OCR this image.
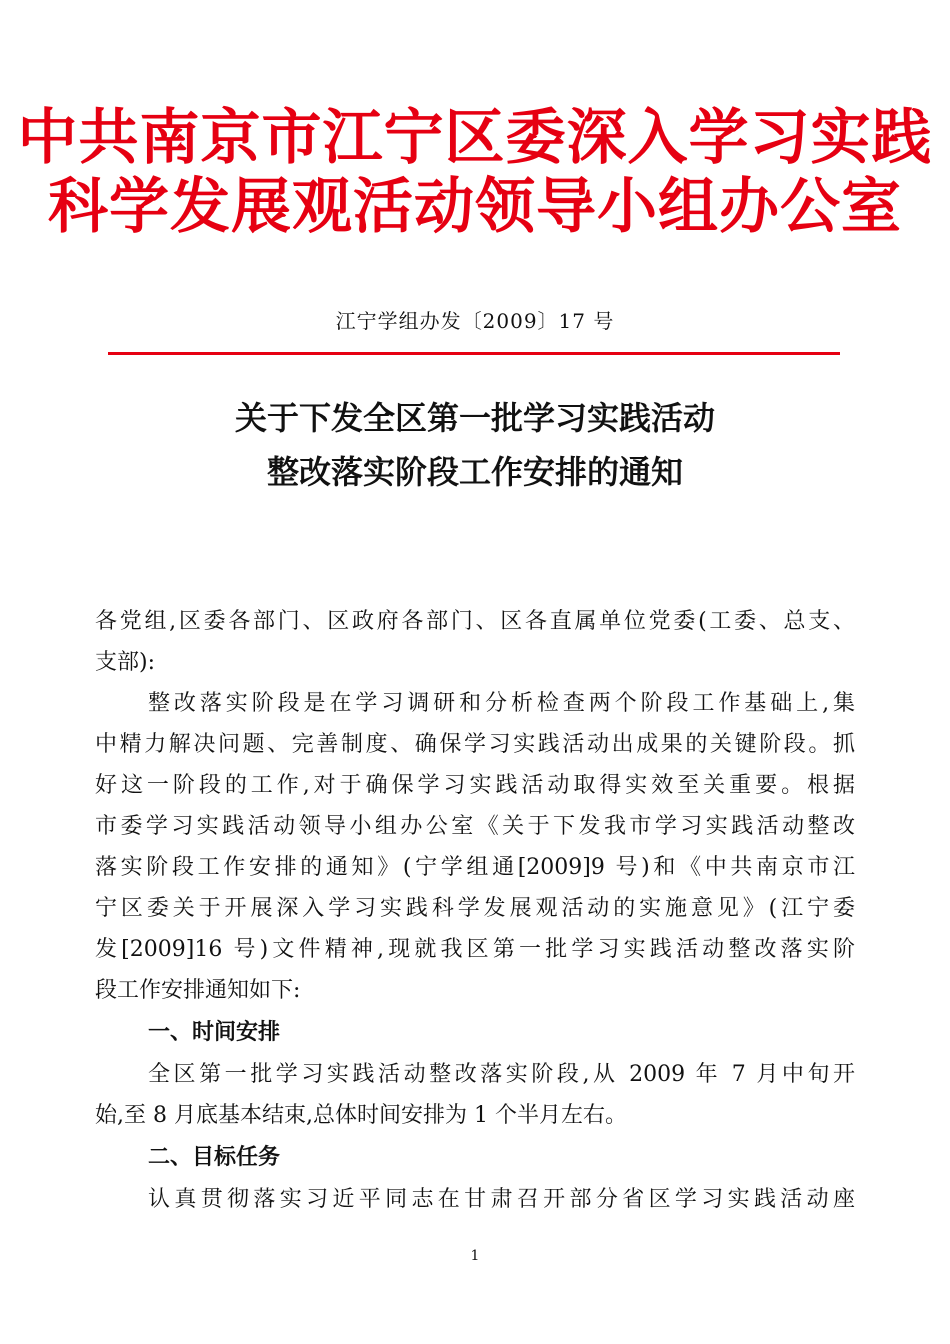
中共南京市江宁区委深入学习实践
科学发展观活动领导小组办公室
江宁学组办发〔2009〕17 号
关于下发全区第一批学习实践活动
整改落实阶段工作安排的通知
各党组,区委各部门、区政府各部门、区各直属单位党委(工委、总支、
支部):
整改落实阶段是在学习调研和分析检查两个阶段工作基础上,集
中精力解决问题、完善制度、确保学习实践活动出成果的关键阶段。抓
好这一阶段的工作,对于确保学习实践活动取得实效至关重要。根据
市委学习实践活动领导小组办公室《关于下发我市学习实践活动整改
落实阶段工作安排的通知》(宁学组通[2009]9 号)和《中共南京市江
宁区委关于开展深入学习实践科学发展观活动的实施意见》(江宁委
发[2009]16 号)文件精神,现就我区第一批学习实践活动整改落实阶
段工作安排通知如下:
一、时间安排
全区第一批学习实践活动整改落实阶段,从 2009 年 7 月中旬开
始,至 8 月底基本结束,总体时间安排为 1 个半月左右。
二、目标任务
认真贯彻落实习近平同志在甘肃召开部分省区学习实践活动座
1
